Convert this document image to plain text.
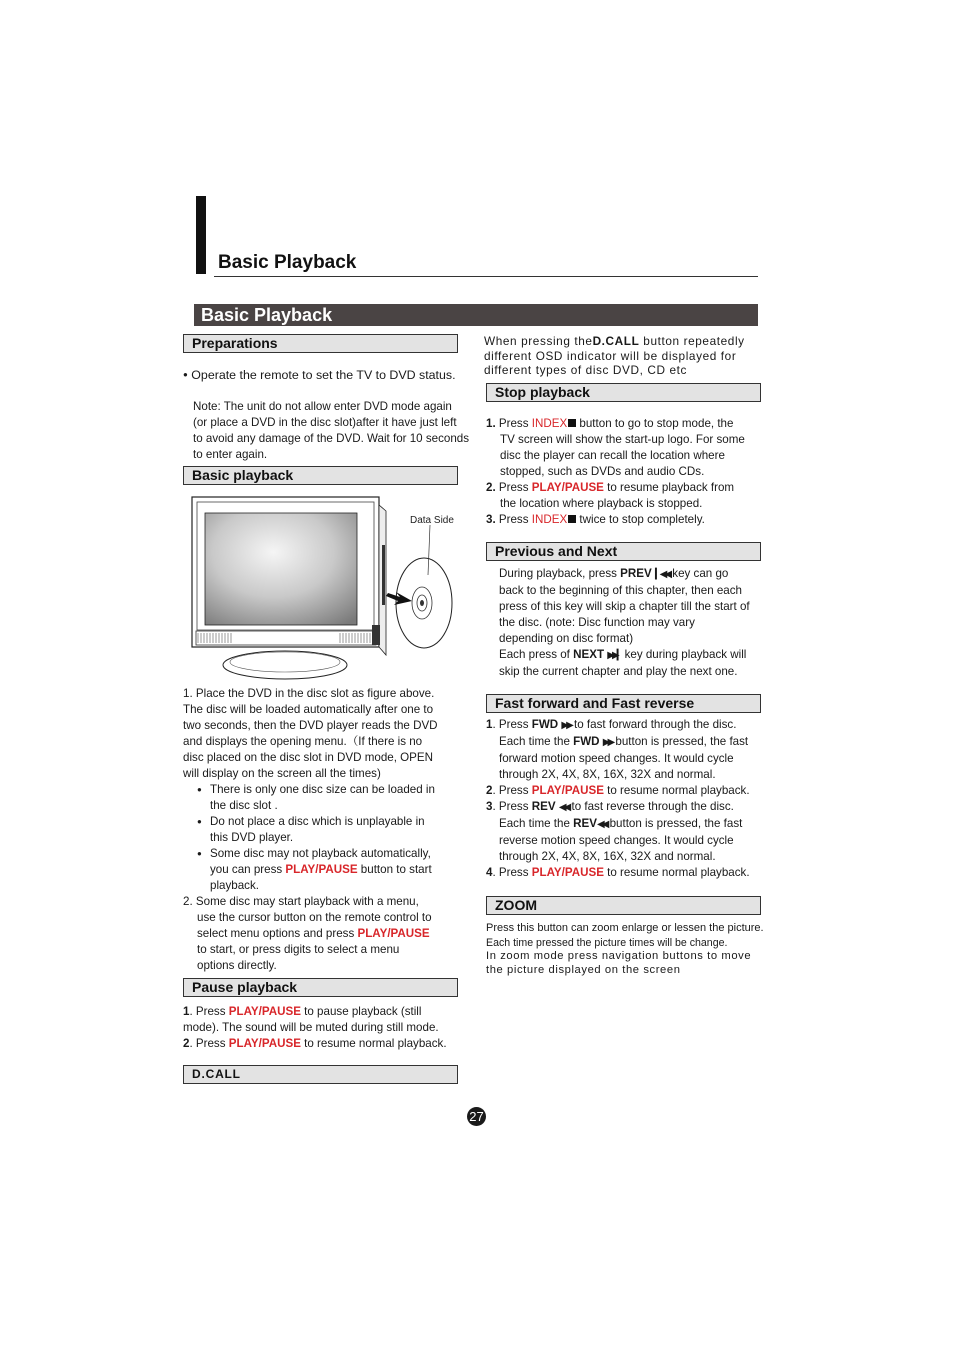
Basic Playback
Basic Playback
Preparations
● Operate the remote to set the TV to DVD status.
Note: The unit do not allow enter DVD mode again
(or place a DVD in the disc slot)after it have just left
to avoid any damage of the DVD. Wait for 10 seconds
to enter again.
Basic playback
Data Side
1. Place the DVD in the disc slot as figure above.
The disc will be loaded automatically after one to
two seconds, then the DVD player reads the DVD
and displays the opening menu.（If there is no
disc placed on the disc slot in DVD mode, OPEN
will display on the screen all the times)
There is only one disc size can be loaded in
the disc slot .
Do not place a disc which is unplayable in
this DVD player.
Some disc may not playback automatically,
you can press PLAY/PAUSE button to start
playback.
2. Some disc may start playback with a menu,
use the cursor button on the remote control to
select menu options and press PLAY/PAUSE
to start, or press digits to select a menu
options directly.
Pause playback
1. Press PLAY/PAUSE to pause playback (still
mode). The sound will be muted during still mode.
2. Press PLAY/PAUSE to resume normal playback.
D.CALL
When pressing theD.CALL button repeatedly
different OSD indicator will be displayed for
different types of disc DVD, CD etc
Stop playback
1. Press INDEX button to go to stop mode, the
TV screen will show the start-up logo. For some
disc the player can recall the location where
stopped, such as DVDs and audio CDs.
2. Press PLAY/PAUSE to resume playback from
the location where playback is stopped.
3. Press INDEX twice to stop completely.
Previous and Next
During playback, press PREV ▎◀◀ key can go
back to the beginning of this chapter, then each
press of this key will skip a chapter till the start of
the disc. (note: Disc function may vary
depending on disc format)
Each press of NEXT ▶▶▎ key during playback will
skip the current chapter and play the next one.
Fast forward and Fast reverse
1. Press FWD ▶▶ to fast forward through the disc.
Each time the FWD ▶▶ button is pressed, the fast
forward motion speed changes. It would cycle
through 2X, 4X, 8X, 16X, 32X and normal.
2. Press PLAY/PAUSE to resume normal playback.
3. Press REV ◀◀ to fast reverse through the disc.
Each time the REV◀◀ button is pressed, the fast
reverse motion speed changes. It would cycle
through 2X, 4X, 8X, 16X, 32X and normal.
4. Press PLAY/PAUSE to resume normal playback.
ZOOM
Press this button can zoom enlarge or lessen the picture.
Each time pressed the picture times will be change.
In zoom mode press navigation buttons to move
the picture displayed on the screen
27
